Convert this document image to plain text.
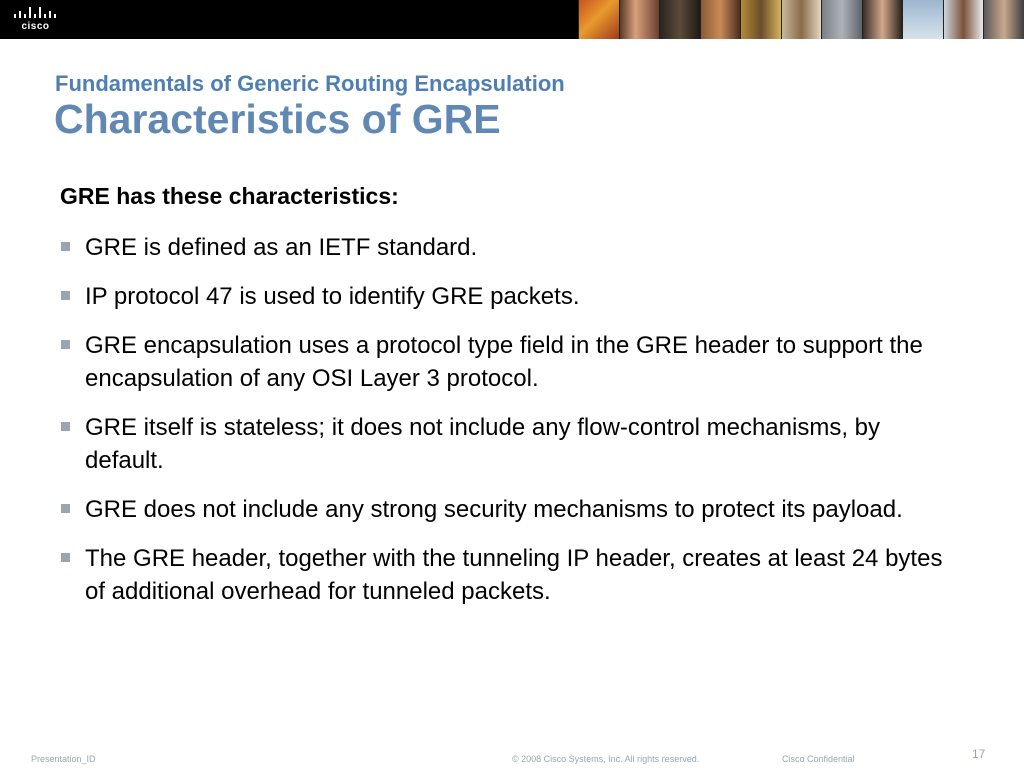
cisco
Fundamentals of Generic Routing Encapsulation
Characteristics of GRE
GRE has these characteristics:
GRE is defined as an IETF standard.
IP protocol 47 is used to identify GRE packets.
GRE encapsulation uses a protocol type field in the GRE header to support the encapsulation of any OSI Layer 3 protocol.
GRE itself is stateless; it does not include any flow-control mechanisms, by default.
GRE does not include any strong security mechanisms to protect its payload.
The GRE header, together with the tunneling IP header, creates at least 24 bytes of additional overhead for tunneled packets.
Presentation_ID	© 2008 Cisco Systems, Inc. All rights reserved.	Cisco Confidential	17
